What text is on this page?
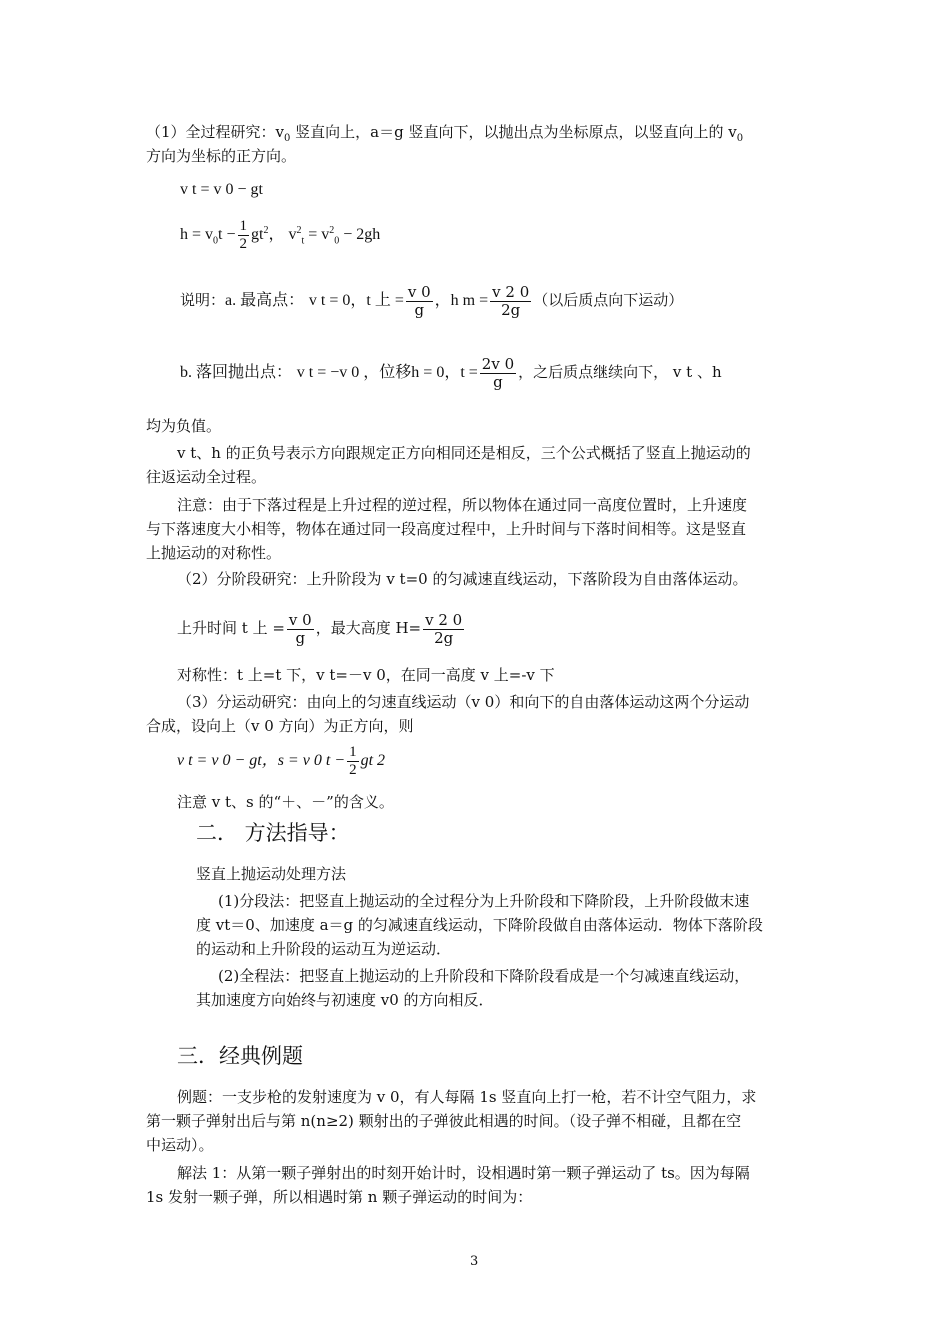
（1）全过程研究：$v_0$ 竖直向上，a＝g 竖直向下，以抛出点为坐标原点，以竖直向上的 $v_0$
方向为坐标的正方向。
v t = v 0 − gt
$h = v_0t - \frac{1}{2} gt^2$， $v^2_t = v^2_0 - 2gh$
说明：a. 最高点： v t = 0，t 上 = $\frac{v 0}{g}$ ，h $m = \frac{v 2 0}{2g}$ （以后质点向下运动）
b. 落回抛出点： v t = −v 0 ，位移h = 0，$t = \frac{2v 0}{g}$ ，之后质点继续向下， v t 、h
均为负值。
v t、h 的正负号表示方向跟规定正方向相同还是相反，三个公式概括了竖直上抛运动的
往返运动全过程。
注意：由于下落过程是上升过程的逆过程，所以物体在通过同一高度位置时，上升速度
与下落速度大小相等，物体在通过同一段高度过程中，上升时间与下落时间相等。这是竖直
上抛运动的对称性。
（2）分阶段研究：上升阶段为 v t=0 的匀减速直线运动，下落阶段为自由落体运动。
上升时间 t 上 = $\frac{v 0}{g}$ ，最大高度 $H= \frac{v 2 0}{2g}$
对称性：t 上=t 下，v t=－v 0，在同一高度 v 上=-v 下
（3）分运动研究：由向上的匀速直线运动（v 0）和向下的自由落体运动这两个分运动
合成，设向上（v 0 方向）为正方向，则
v t = v 0 − gt，s = v 0 $t - \frac{1}{2}$ gt 2
注意 v t、s 的“＋、－”的含义。
二． 方法指导：
竖直上抛运动处理方法
(1)分段法：把竖直上抛运动的全过程分为上升阶段和下降阶段，上升阶段做末速
度 vt＝0、加速度 a＝g 的匀减速直线运动，下降阶段做自由落体运动．物体下落阶段
的运动和上升阶段的运动互为逆运动．
(2)全程法：把竖直上抛运动的上升阶段和下降阶段看成是一个匀减速直线运动，
其加速度方向始终与初速度 v0 的方向相反．
三．经典例题
例题：一支步枪的发射速度为 v 0，有人每隔 1s 竖直向上打一枪，若不计空气阻力，求
第一颗子弹射出后与第 n(n≥2) 颗射出的子弹彼此相遇的时间。（设子弹不相碰，且都在空
中运动）。
解法 1：从第一颗子弹射出的时刻开始计时，设相遇时第一颗子弹运动了 ts。因为每隔
1s 发射一颗子弹，所以相遇时第 n 颗子弹运动的时间为：
3
